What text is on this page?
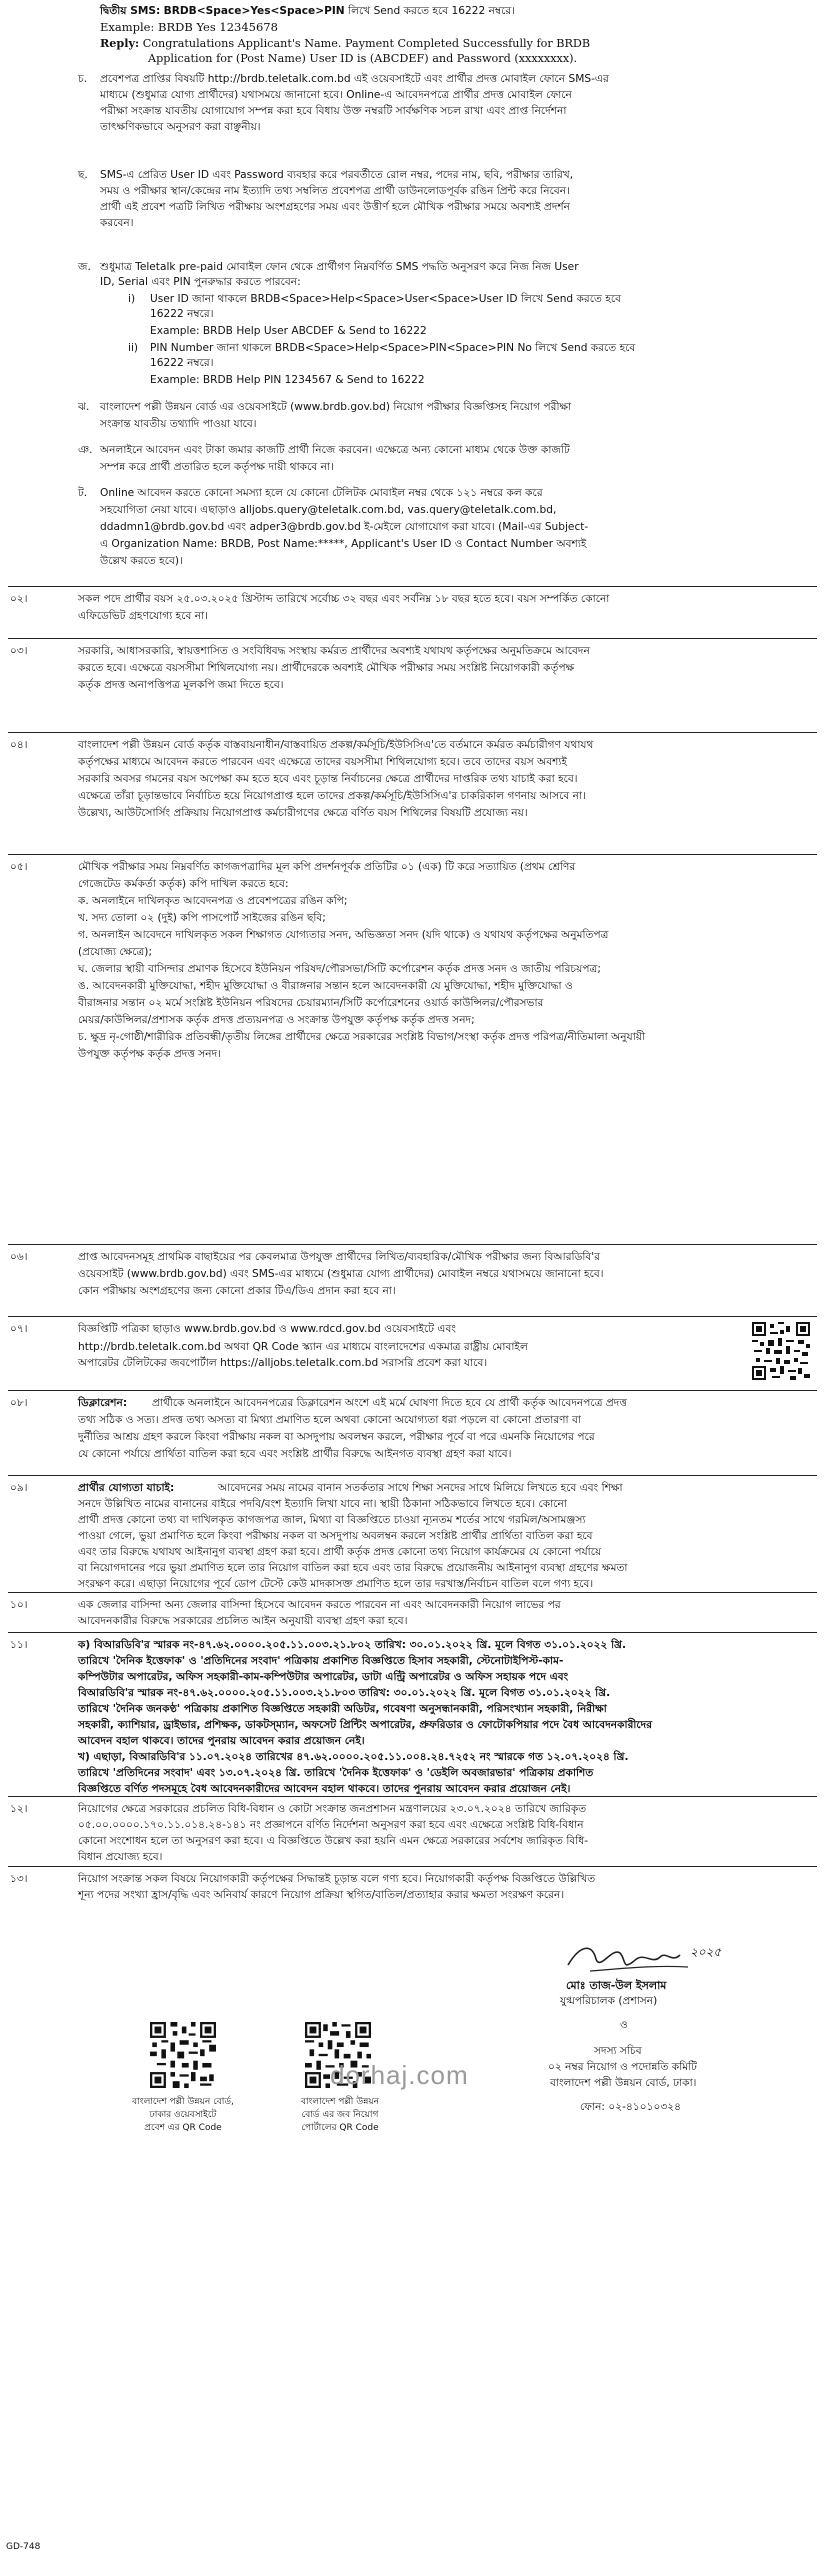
দ্বিতীয় SMS: BRDB<Space>Yes<Space>PIN লিখে Send করতে হবে 16222 নম্বরে।
Example: BRDB Yes 12345678
Reply: Congratulations Applicant's Name. Payment Completed Successfully for BRDB
Application for (Post Name) User ID is (ABCDEF) and Password (xxxxxxxx).
চ. প্রবেশপত্র প্রাপ্তির বিষয়টি http://brdb.teletalk.com.bd এই ওয়েবসাইটে এবং প্রার্থীর প্রদত্ত মোবাইল ফোনে SMS-এর
মাধ্যমে (শুধুমাত্র যোগ্য প্রার্থীদের) যথাসময়ে জানানো হবে। Online-এ আবেদনপত্রে প্রার্থীর প্রদত্ত মোবাইল ফোনে
পরীক্ষা সংক্রান্ত যাবতীয় যোগাযোগ সম্পন্ন করা হবে বিধায় উক্ত নম্বরটি সার্বক্ষণিক সচল রাখা এবং প্রাপ্ত নির্দেশনা
তাৎক্ষণিকভাবে অনুসরণ করা বাঞ্ছনীয়।
ছ. SMS-এ প্রেরিত User ID এবং Password ব্যবহার করে পরবর্তীতে রোল নম্বর, পদের নাম, ছবি, পরীক্ষার তারিখ,
সময় ও পরীক্ষার স্থান/কেন্দ্রের নাম ইত্যাদি তথ্য সম্বলিত প্রবেশপত্র প্রার্থী ডাউনলোডপূর্বক রঙিন প্রিন্ট করে নিবেন।
প্রার্থী এই প্রবেশ পত্রটি লিখিত পরীক্ষায় অংশগ্রহণের সময় এবং উত্তীর্ণ হলে মৌখিক পরীক্ষার সময়ে অবশ্যই প্রদর্শন
করবেন।
জ. শুধুমাত্র Teletalk pre-paid মোবাইল ফোন থেকে প্রার্থীগণ নিম্নবর্ণিত SMS পদ্ধতি অনুসরণ করে নিজ নিজ User
ID, Serial এবং PIN পুনরুদ্ধার করতে পারবেন:
i) User ID জানা থাকলে BRDB<Space>Help<Space>User<Space>User ID লিখে Send করতে হবে
16222 নম্বরে।
Example: BRDB Help User ABCDEF & Send to 16222
ii) PIN Number জানা থাকলে BRDB<Space>Help<Space>PIN<Space>PIN No লিখে Send করতে হবে
16222 নম্বরে।
Example: BRDB Help PIN 1234567 & Send to 16222
ঝ. বাংলাদেশ পল্লী উন্নয়ন বোর্ড এর ওয়েবসাইটে (www.brdb.gov.bd) নিয়োগ পরীক্ষার বিজ্ঞপ্তিসহ নিয়োগ পরীক্ষা
সংক্রান্ত যাবতীয় তথ্যাদি পাওয়া যাবে।
ঞ. অনলাইনে আবেদন এবং টাকা জমার কাজটি প্রার্থী নিজে করবেন। এক্ষেত্রে অন্য কোনো মাধ্যম থেকে উক্ত কাজটি
সম্পন্ন করে প্রার্থী প্রতারিত হলে কর্তৃপক্ষ দায়ী থাকবে না।
ট. Online আবেদন করতে কোনো সমস্যা হলে যে কোনো টেলিটক মোবাইল নম্বর থেকে ১২১ নম্বরে কল করে
সহযোগিতা নেয়া যাবে। এছাড়াও alljobs.query@teletalk.com.bd, vas.query@teletalk.com.bd,
ddadmn1@brdb.gov.bd এবং adper3@brdb.gov.bd ই-মেইলে যোগাযোগ করা যাবে। (Mail-এর Subject-
এ Organization Name: BRDB, Post Name:*****, Applicant's User ID ও Contact Number অবশ্যই
উল্লেখ করতে হবে)।
০২।	সকল পদে প্রার্থীর বয়স ২৫.০৩.২০২৫ খ্রিস্টাব্দ তারিখে সর্বোচ্চ ৩২ বছর এবং সর্বনিম্ন ১৮ বছর হতে হবে। বয়স সম্পর্কিত কোনো
এফিডেভিট গ্রহণযোগ্য হবে না।
০৩।	সরকারি, আধাসরকারি, স্বায়ত্তশাসিত ও সংবিধিবদ্ধ সংস্থায় কর্মরত প্রার্থীদের অবশ্যই যথাযথ কর্তৃপক্ষের অনুমতিক্রমে আবেদন
করতে হবে। এক্ষেত্রে বয়সসীমা শিথিলযোগ্য নয়। প্রার্থীদেরকে অবশ্যই মৌখিক পরীক্ষার সময় সংশ্লিষ্ট নিয়োগকারী কর্তৃপক্ষ
কর্তৃক প্রদত্ত অনাপত্তিপত্র মূলকপি জমা দিতে হবে।
০৪।	বাংলাদেশ পল্লী উন্নয়ন বোর্ড কর্তৃক বাস্তবায়নাধীন/বাস্তবায়িত প্রকল্প/কর্মসূচি/ইউসিসিএ'তে বর্তমানে কর্মরত কর্মচারীগণ যথাযথ
কর্তৃপক্ষের মাধ্যমে আবেদন করতে পারবেন এবং এক্ষেত্রে তাদের বয়সসীমা শিথিলযোগ্য হবে। তবে তাদের বয়স অবশ্যই
সরকারি অবসর গমনের বয়স অপেক্ষা কম হতে হবে এবং চূড়ান্ত নির্বাচনের ক্ষেত্রে প্রার্থীদের দাপ্তরিক তথ্য যাচাই করা হবে।
এক্ষেত্রে তাঁরা চূড়ান্তভাবে নির্বাচিত হয়ে নিয়োগপ্রাপ্ত হলে তাদের প্রকল্প/কর্মসূচি/ইউসিসিএ'র চাকরিকাল গণনায় আসবে না।
উল্লেখ্য, আউটসোর্সিং প্রক্রিয়ায় নিয়োগপ্রাপ্ত কর্মচারীগণের ক্ষেত্রে বর্ণিত বয়স শিথিলের বিষয়টি প্রযোজ্য নয়।
০৫।	মৌখিক পরীক্ষার সময় নিম্নবর্ণিত কাগজপত্রাদির মূল কপি প্রদর্শনপূর্বক প্রতিটির ০১ (এক) টি করে সত্যায়িত (প্রথম শ্রেণির
গেজেটেড কর্মকর্তা কর্তৃক) কপি দাখিল করতে হবে:
ক. অনলাইনে দাখিলকৃত আবেদনপত্র ও প্রবেশপত্রের রঙিন কপি;
খ. সদ্য তোলা ০২ (দুই) কপি পাসপোর্ট সাইজের রঙিন ছবি;
গ. অনলাইন আবেদনে দাখিলকৃত সকল শিক্ষাগত যোগ্যতার সনদ, অভিজ্ঞতা সনদ (যদি থাকে) ও যথাযথ কর্তৃপক্ষের অনুমতিপত্র
(প্রযোজ্য ক্ষেত্রে);
ঘ. জেলার স্থায়ী বাসিন্দার প্রমাণক হিসেবে ইউনিয়ন পরিষদ/পৌরসভা/সিটি কর্পোরেশন কর্তৃক প্রদত্ত সনদ ও জাতীয় পরিচয়পত্র;
ঙ. আবেদনকারী মুক্তিযোদ্ধা, শহীদ মুক্তিযোদ্ধা ও বীরাঙ্গনার সন্তান হলে আবেদনকারী যে মুক্তিযোদ্ধা, শহীদ মুক্তিযোদ্ধা ও
বীরাঙ্গনার সন্তান ০২ মর্মে সংশ্লিষ্ট ইউনিয়ন পরিষদের চেয়ারম্যান/সিটি কর্পোরেশনের ওয়ার্ড কাউন্সিলর/পৌরসভার
মেয়র/কাউন্সিলর/প্রশাসক কর্তৃক প্রদত্ত প্রত্যয়নপত্র ও সংক্রান্ত উপযুক্ত কর্তৃপক্ষ কর্তৃক প্রদত্ত সনদ;
চ. ক্ষুদ্র নৃ-গোষ্ঠী/শারীরিক প্রতিবন্ধী/তৃতীয় লিঙ্গের প্রার্থীদের ক্ষেত্রে সরকারের সংশ্লিষ্ট বিভাগ/সংস্থা কর্তৃক প্রদত্ত পরিপত্র/নীতিমালা অনুযায়ী
উপযুক্ত কর্তৃপক্ষ কর্তৃক প্রদত্ত সনদ।
০৬।	প্রাপ্ত আবেদনসমূহ প্রাথমিক বাছাইয়ের পর কেবলমাত্র উপযুক্ত প্রার্থীদের লিখিত/ব্যবহারিক/মৌখিক পরীক্ষার জন্য বিআরডিবি'র
ওয়েবসাইট (www.brdb.gov.bd) এবং SMS-এর মাধ্যমে (শুধুমাত্র যোগ্য প্রার্থীদের) মোবাইল নম্বরে যথাসময়ে জানানো হবে।
কোন পরীক্ষায় অংশগ্রহণের জন্য কোনো প্রকার টিএ/ডিএ প্রদান করা হবে না।
০৭।	বিজ্ঞপ্তিটি পত্রিকা ছাড়াও www.brdb.gov.bd ও www.rdcd.gov.bd ওয়েবসাইটে এবং
http://brdb.teletalk.com.bd অথবা QR Code স্ক্যান এর মাধ্যমে বাংলাদেশের একমাত্র রাষ্ট্রীয় মোবাইল
অপারেটর টেলিটকের জবপোর্টাল https://alljobs.teletalk.com.bd সরাসরি প্রবেশ করা যাবে।
০৮।	ডিক্লারেশন: প্রার্থীকে অনলাইনে আবেদনপত্রের ডিক্লারেশন অংশে এই মর্মে ঘোষণা দিতে হবে যে প্রার্থী কর্তৃক আবেদনপত্রে প্রদত্ত
তথ্য সঠিক ও সত্য। প্রদত্ত তথ্য অসত্য বা মিথ্যা প্রমাণিত হলে অথবা কোনো অযোগ্যতা ধরা পড়লে বা কোনো প্রতারণা বা
দুর্নীতির আশ্রয় গ্রহণ করলে কিংবা পরীক্ষায় নকল বা অসদুপায় অবলম্বন করলে, পরীক্ষার পূর্বে বা পরে এমনকি নিয়োগের পরে
যে কোনো পর্যায়ে প্রার্থিতা বাতিল করা হবে এবং সংশ্লিষ্ট প্রার্থীর বিরুদ্ধে আইনগত ব্যবস্থা গ্রহণ করা যাবে।
০৯।	প্রার্থীর যোগ্যতা যাচাই:	আবেদনের সময় নামের বানান সতর্কতার সাথে শিক্ষা সনদের সাথে মিলিয়ে লিখতে হবে এবং শিক্ষা
সনদে উল্লিখিত নামের বানানের বাইরে পদবি/বংশ ইত্যাদি লিখা যাবে না। স্থায়ী ঠিকানা সঠিকভাবে লিখতে হবে। কোনো
প্রার্থী প্রদত্ত কোনো তথ্য বা দাখিলকৃত কাগজপত্র জাল, মিথ্যা বা বিজ্ঞপ্তিতে চাওয়া ন্যূনতম শর্তের সাথে গরমিল/অসামঞ্জস্য
পাওয়া গেলে, ভুয়া প্রমাণিত হলে কিংবা পরীক্ষায় নকল বা অসদুপায় অবলম্বন করলে সংশ্লিষ্ট প্রার্থীর প্রার্থিতা বাতিল করা হবে
এবং তার বিরুদ্ধে যথাযথ আইনানুগ ব্যবস্থা গ্রহণ করা হবে। প্রার্থী কর্তৃক প্রদত্ত কোনো তথ্য নিয়োগ কার্যক্রমের যে কোনো পর্যায়ে
বা নিয়োগদানের পরে ভুয়া প্রমাণিত হলে তার নিয়োগ বাতিল করা হবে এবং তার বিরুদ্ধে প্রয়োজনীয় আইনানুগ ব্যবস্থা গ্রহণের ক্ষমতা
সংরক্ষণ করে। এছাড়া নিয়োগের পূর্বে ডোপ টেস্টে কেউ মাদকাসক্ত প্রমাণিত হলে তার দরখাস্ত/নির্বাচন বাতিল বলে গণ্য হবে।
১০।	এক জেলার বাসিন্দা অন্য জেলার বাসিন্দা হিসেবে আবেদন করতে পারবেন না এবং আবেদনকারী নিয়োগ লাভের পর
আবেদনকারীর বিরুদ্ধে সরকারের প্রচলিত আইন অনুযায়ী ব্যবস্থা গ্রহণ করা হবে।
১১।	ক) বিআরডিবি'র স্মারক নং-৪৭.৬২.০০০০.২০৫.১১.০০৩.২১.৮০২ তারিখ: ৩০.০১.২০২২ খ্রি. মূলে বিগত ৩১.০১.২০২২ খ্রি.
তারিখে 'দৈনিক ইত্তেফাক' ও 'প্রতিদিনের সংবাদ' পত্রিকায় প্রকাশিত বিজ্ঞপ্তিতে হিসাব সহকারী, স্টেনোটাইপিস্ট-কাম-
কম্পিউটার অপারেটর, অফিস সহকারী-কাম-কম্পিউটার অপারেটর, ডাটা এন্ট্রি অপারেটর ও অফিস সহায়ক পদে এবং
বিআরডিবি'র স্মারক নং-৪৭.৬২.০০০০.২০৫.১১.০০৩.২১.৮০৩ তারিখ: ৩০.০১.২০২২ খ্রি. মূলে বিগত ৩১.০১.২০২২ খ্রি.
তারিখে 'দৈনিক জনকণ্ঠ' পত্রিকায় প্রকাশিত বিজ্ঞপ্তিতে সহকারী অডিটর, গবেষণা অনুসন্ধানকারী, পরিসংখ্যান সহকারী, নিরীক্ষা
সহকারী, ক্যাশিয়ার, ড্রাইভার, প্রশিক্ষক, ডাকটস্‌ম্যান, অফসেট প্রিন্টিং অপারেটর, প্রুফরিডার ও ফোটোকপিয়ার পদে বৈধ আবেদনকারীদের
আবেদন বহাল থাকবে। তাদের পুনরায় আবেদন করার প্রয়োজন নেই।
খ) এছাড়া, বিআরডিবি'র ১১.০৭.২০২৪ তারিখের ৪৭.৬২.০০০০.২০৫.১১.০০৪.২৪.৭২৫২ নং স্মারকে গত ১২.০৭.২০২৪ খ্রি.
তারিখে 'প্রতিদিনের সংবাদ' এবং ১৩.০৭.২০২৪ খ্রি. তারিখে 'দৈনিক ইত্তেফাক' ও 'ডেইলি অবজারভার' পত্রিকায় প্রকাশিত
বিজ্ঞপ্তিতে বর্ণিত পদসমূহে বৈধ আবেদনকারীদের আবেদন বহাল থাকবে। তাদের পুনরায় আবেদন করার প্রয়োজন নেই।
১২।	নিয়োগের ক্ষেত্রে সরকারের প্রচলিত বিধি-বিধান ও কোটা সংক্রান্ত জনপ্রশাসন মন্ত্রণালয়ের ২৩.০৭.২০২৪ তারিখে জারিকৃত
০৫.০০.০০০০.১৭০.১১.০১৪.২৪-১৪১ নং প্রজ্ঞাপনে বর্ণিত নির্দেশনা অনুসরণ করা হবে এবং এক্ষেত্রে সংশ্লিষ্ট বিধি-বিধান
কোনো সংশোধন হলে তা অনুসরণ করা হবে। এ বিজ্ঞপ্তিতে উল্লেখ করা হয়নি এমন ক্ষেত্রে সরকারের সর্বশেষ জারিকৃত বিধি-
বিধান প্রযোজ্য হবে।
১৩।	নিয়োগ সংক্রান্ত সকল বিষয়ে নিয়োগকারী কর্তৃপক্ষের সিদ্ধান্তই চূড়ান্ত বলে গণ্য হবে। নিয়োগকারী কর্তৃপক্ষ বিজ্ঞপ্তিতে উল্লিখিত
শূন্য পদের সংখ্যা হ্রাস/বৃদ্ধি এবং অনিবার্য কারণে নিয়োগ প্রক্রিয়া স্থগিত/বাতিল/প্রত্যাহার করার ক্ষমতা সংরক্ষণ করেন।
বাংলাদেশ পল্লী উন্নয়ন বোর্ড,
ঢাকার ওয়েবসাইটে
প্রবেশ এর QR Code
বাংলাদেশ পল্লী উন্নয়ন
বোর্ড এর জব নিয়োগ
পোর্টালের QR Code
dorhaj.com
২০২৫
মোঃ তাজ-উল ইসলাম
যুগ্মপরিচালক (প্রশাসন)
ও
সদস্য সচিব
০২ নম্বর নিয়োগ ও পদোন্নতি কমিটি
বাংলাদেশ পল্লী উন্নয়ন বোর্ড, ঢাকা।
ফোন: ০২-৪১০১০৩২৪
GD-748
